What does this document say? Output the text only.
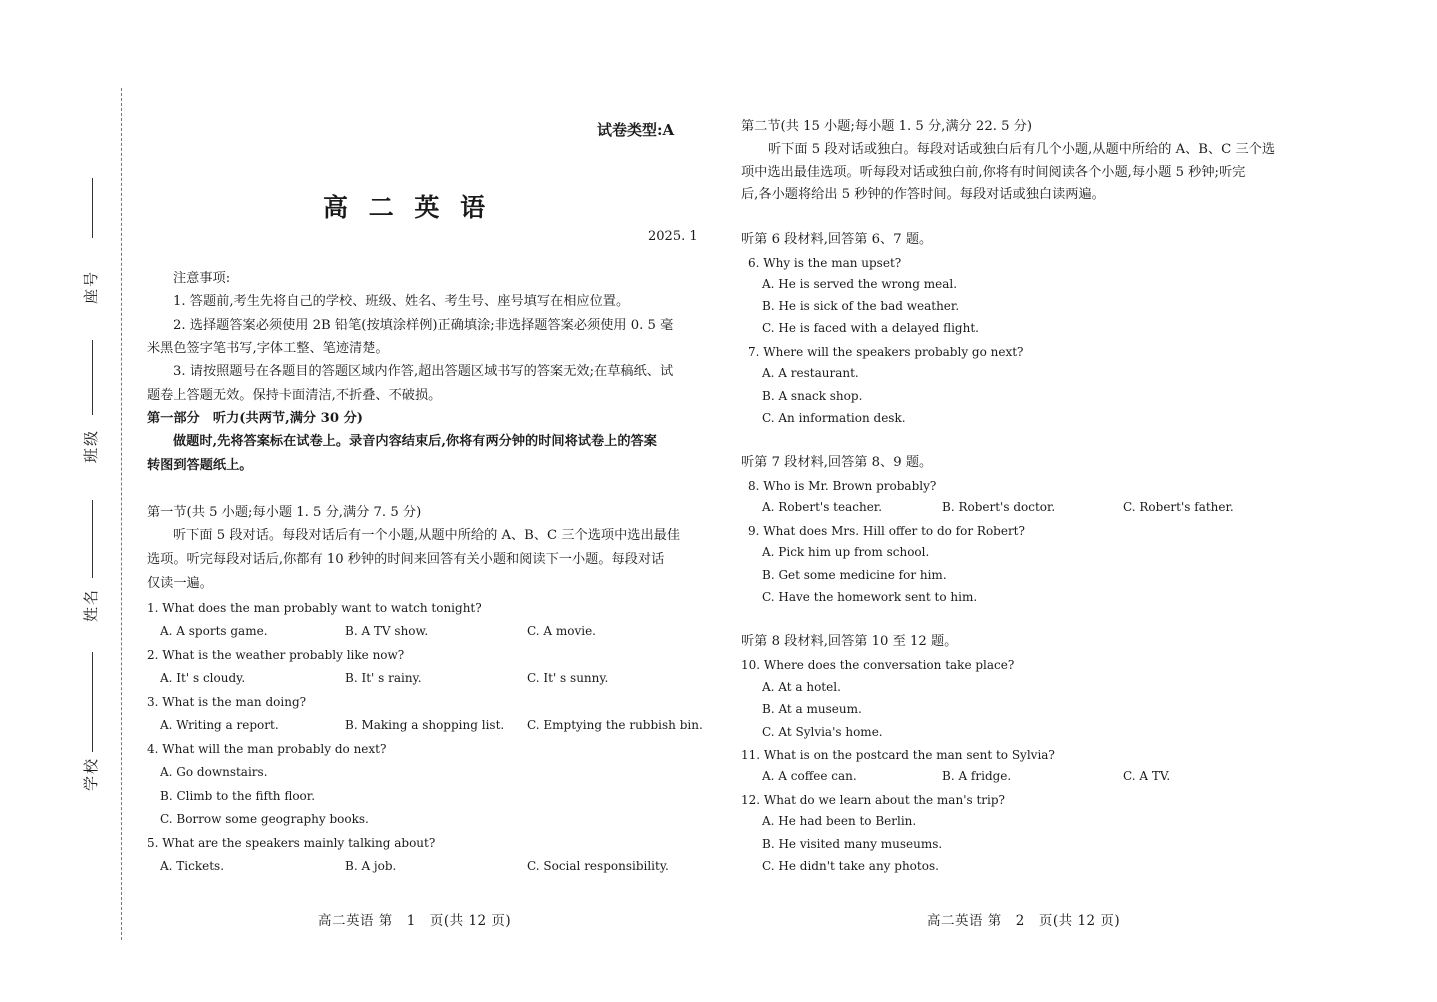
座号
班级
姓名
学校
试卷类型:A
高 二 英 语
2025. 1
注意事项:
1. 答题前,考生先将自己的学校、班级、姓名、考生号、座号填写在相应位置。
2. 选择题答案必须使用 2B 铅笔(按填涂样例)正确填涂;非选择题答案必须使用 0. 5 毫
米黑色签字笔书写,字体工整、笔迹清楚。
3. 请按照题号在各题目的答题区域内作答,超出答题区域书写的答案无效;在草稿纸、试
题卷上答题无效。保持卡面清洁,不折叠、不破损。
第一部分　听力(共两节,满分 30 分)
做题时,先将答案标在试卷上。录音内容结束后,你将有两分钟的时间将试卷上的答案
转图到答题纸上。
第一节(共 5 小题;每小题 1. 5 分,满分 7. 5 分)
听下面 5 段对话。每段对话后有一个小题,从题中所给的 A、B、C 三个选项中选出最佳
选项。听完每段对话后,你都有 10 秒钟的时间来回答有关小题和阅读下一小题。每段对话
仅读一遍。
1. What does the man probably want to watch tonight?
A. A sports game.	B. A TV show.	C. A movie.
2. What is the weather probably like now?
A. It' s cloudy.	B. It' s rainy.	C. It' s sunny.
3. What is the man doing?
A. Writing a report.	B. Making a shopping list. C. Emptying the rubbish bin.
4. What will the man probably do next?
A. Go downstairs.
B. Climb to the fifth floor.
C. Borrow some geography books.
5. What are the speakers mainly talking about?
A. Tickets.	B. A job.	C. Social responsibility.
高二英语 第　1　页(共 12 页)
第二节(共 15 小题;每小题 1. 5 分,满分 22. 5 分)
听下面 5 段对话或独白。每段对话或独白后有几个小题,从题中所给的 A、B、C 三个选
项中选出最佳选项。听每段对话或独白前,你将有时间阅读各个小题,每小题 5 秒钟;听完
后,各小题将给出 5 秒钟的作答时间。每段对话或独白读两遍。
听第 6 段材料,回答第 6、7 题。
6. Why is the man upset?
A. He is served the wrong meal.
B. He is sick of the bad weather.
C. He is faced with a delayed flight.
7. Where will the speakers probably go next?
A. A restaurant.
B. A snack shop.
C. An information desk.
听第 7 段材料,回答第 8、9 题。
8. Who is Mr. Brown probably?
A. Robert's teacher.	B. Robert's doctor.	C. Robert's father.
9. What does Mrs. Hill offer to do for Robert?
A. Pick him up from school.
B. Get some medicine for him.
C. Have the homework sent to him.
听第 8 段材料,回答第 10 至 12 题。
10. Where does the conversation take place?
A. At a hotel.
B. At a museum.
C. At Sylvia's home.
11. What is on the postcard the man sent to Sylvia?
A. A coffee can.	B. A fridge.	C. A TV.
12. What do we learn about the man's trip?
A. He had been to Berlin.
B. He visited many museums.
C. He didn't take any photos.
高二英语 第　2　页(共 12 页)
